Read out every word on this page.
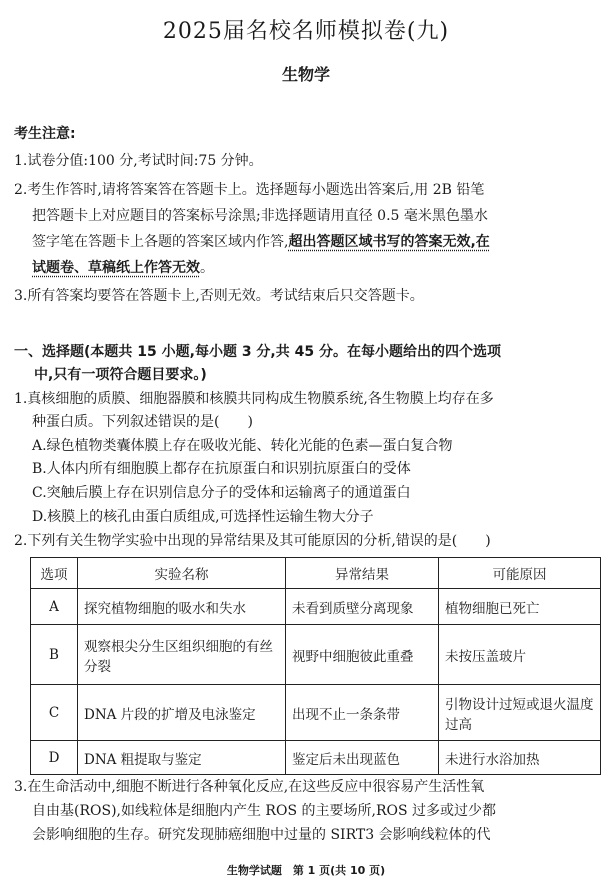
2025届名校名师模拟卷(九)
生物学
考生注意:
1.试卷分值:100 分,考试时间:75 分钟。
2.考生作答时,请将答案答在答题卡上。选择题每小题选出答案后,用 2B 铅笔
把答题卡上对应题目的答案标号涂黑;非选择题请用直径 0.5 毫米黑色墨水
签字笔在答题卡上各题的答案区域内作答,超出答题区域书写的答案无效,在
试题卷、草稿纸上作答无效。
3.所有答案均要答在答题卡上,否则无效。考试结束后只交答题卡。
一、选择题(本题共 15 小题,每小题 3 分,共 45 分。在每小题给出的四个选项
中,只有一项符合题目要求。)
1.真核细胞的质膜、细胞器膜和核膜共同构成生物膜系统,各生物膜上均存在多
种蛋白质。下列叙述错误的是(　　)
A.绿色植物类囊体膜上存在吸收光能、转化光能的色素—蛋白复合物
B.人体内所有细胞膜上都存在抗原蛋白和识别抗原蛋白的受体
C.突触后膜上存在识别信息分子的受体和运输离子的通道蛋白
D.核膜上的核孔由蛋白质组成,可选择性运输生物大分子
2.下列有关生物学实验中出现的异常结果及其可能原因的分析,错误的是(　　)
选项	实验名称	异常结果	可能原因
A	探究植物细胞的吸水和失水	未看到质壁分离现象	植物细胞已死亡
B	观察根尖分生区组织细胞的有丝分裂	视野中细胞彼此重叠	未按压盖玻片
C	DNA 片段的扩增及电泳鉴定	出现不止一条条带	引物设计过短或退火温度过高
D	DNA 粗提取与鉴定	鉴定后未出现蓝色	未进行水浴加热
3.在生命活动中,细胞不断进行各种氧化反应,在这些反应中很容易产生活性氧
自由基(ROS),如线粒体是细胞内产生 ROS 的主要场所,ROS 过多或过少都
会影响细胞的生存。研究发现肺癌细胞中过量的 SIRT3 会影响线粒体的代
生物学试题　第 1 页(共 10 页)
